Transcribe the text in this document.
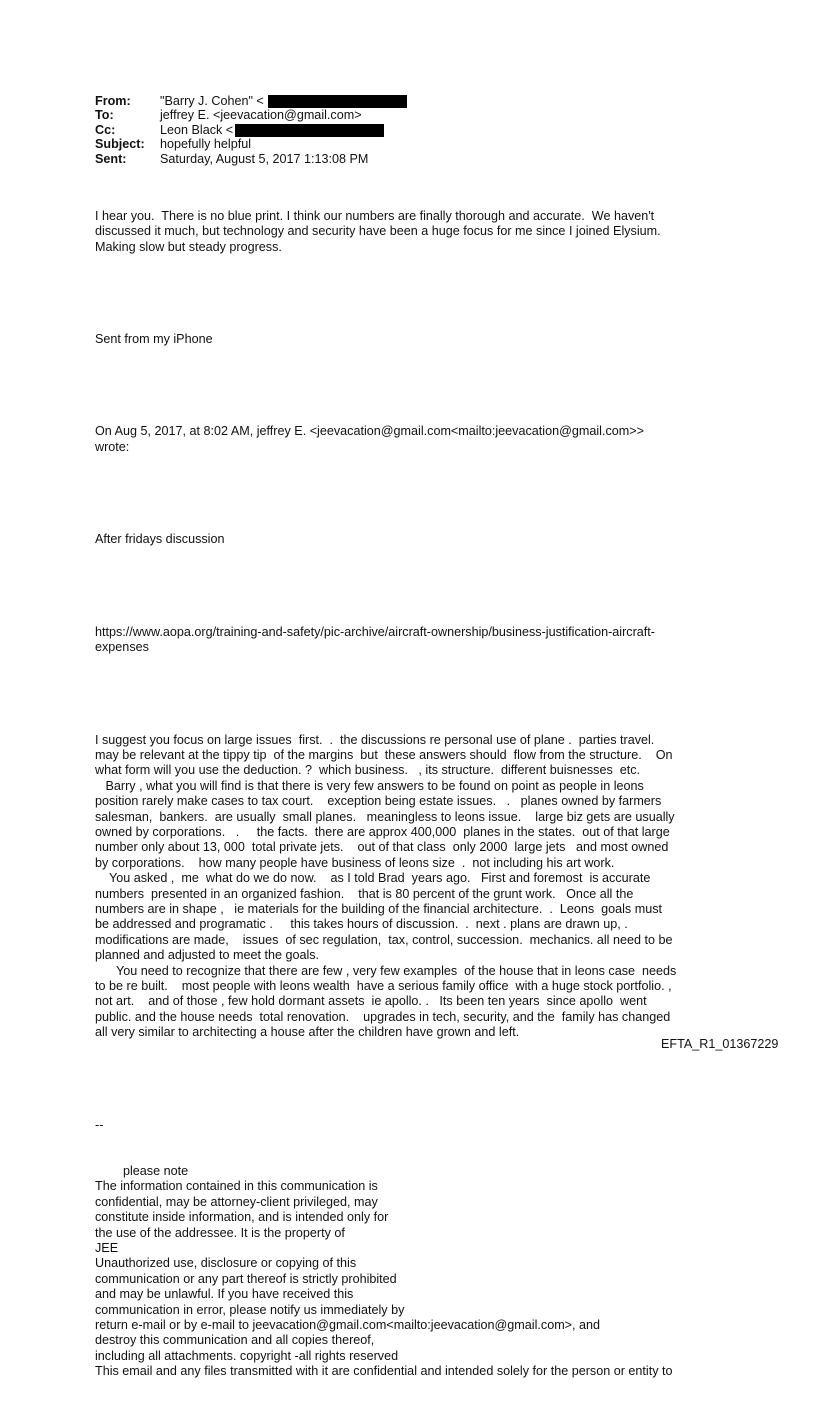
From:	"Barry J. Cohen" <
To:	jeffrey E. <jeevacation@gmail.com>
Cc:	Leon Black <
Subject:	hopefully helpful
Sent:	Saturday, August 5, 2017 1:13:08 PM

I hear you.  There is no blue print. I think our numbers are finally thorough and accurate.  We haven't
discussed it much, but technology and security have been a huge focus for me since I joined Elysium.
Making slow but steady progress.

Sent from my iPhone

On Aug 5, 2017, at 8:02 AM, jeffrey E. <jeevacation@gmail.com<mailto:jeevacation@gmail.com>>
wrote:

After fridays discussion

https://www.aopa.org/training-and-safety/pic-archive/aircraft-ownership/business-justification-aircraft-
expenses

I suggest you focus on large issues  first.  .  the discussions re personal use of plane .  parties travel.
may be relevant at the tippy tip  of the margins  but  these answers should  flow from the structure.    On
what form will you use the deduction. ?  which business.   , its structure.  different buisnesses  etc.
Barry , what you will find is that there is very few answers to be found on point as people in leons
position rarely make cases to tax court.    exception being estate issues.   .   planes owned by farmers
salesman,  bankers.  are usually  small planes.   meaningless to leons issue.    large biz gets are usually
owned by corporations.   .     the facts.  there are approx 400,000  planes in the states.  out of that large
number only about 13, 000  total private jets.    out of that class  only 2000  large jets   and most owned
by corporations.    how many people have business of leons size  .  not including his art work.
You asked ,  me  what do we do now.    as I told Brad  years ago.   First and foremost  is accurate
numbers  presented in an organized fashion.    that is 80 percent of the grunt work.   Once all the
numbers are in shape ,   ie materials for the building of the financial architecture.  .  Leons  goals must
be addressed and programatic .     this takes hours of discussion.  .  next . plans are drawn up, .
modifications are made,    issues  of sec regulation,  tax, control, succession.  mechanics. all need to be
planned and adjusted to meet the goals.
You need to recognize that there are few , very few examples  of the house that in leons case  needs
to be re built.    most people with leons wealth  have a serious family office  with a huge stock portfolio. ,
not art.    and of those , few hold dormant assets  ie apollo. .   Its been ten years  since apollo  went
public. and the house needs  total renovation.    upgrades in tech, security, and the  family has changed
all very similar to architecting a house after the children have grown and left.

--

please note
The information contained in this communication is
confidential, may be attorney-client privileged, may
constitute inside information, and is intended only for
the use of the addressee. It is the property of
JEE
Unauthorized use, disclosure or copying of this
communication or any part thereof is strictly prohibited
and may be unlawful. If you have received this
communication in error, please notify us immediately by
return e-mail or by e-mail to jeevacation@gmail.com<mailto:jeevacation@gmail.com>, and
destroy this communication and all copies thereof,
including all attachments. copyright -all rights reserved
This email and any files transmitted with it are confidential and intended solely for the person or entity to

EFTA_R1_01367229
